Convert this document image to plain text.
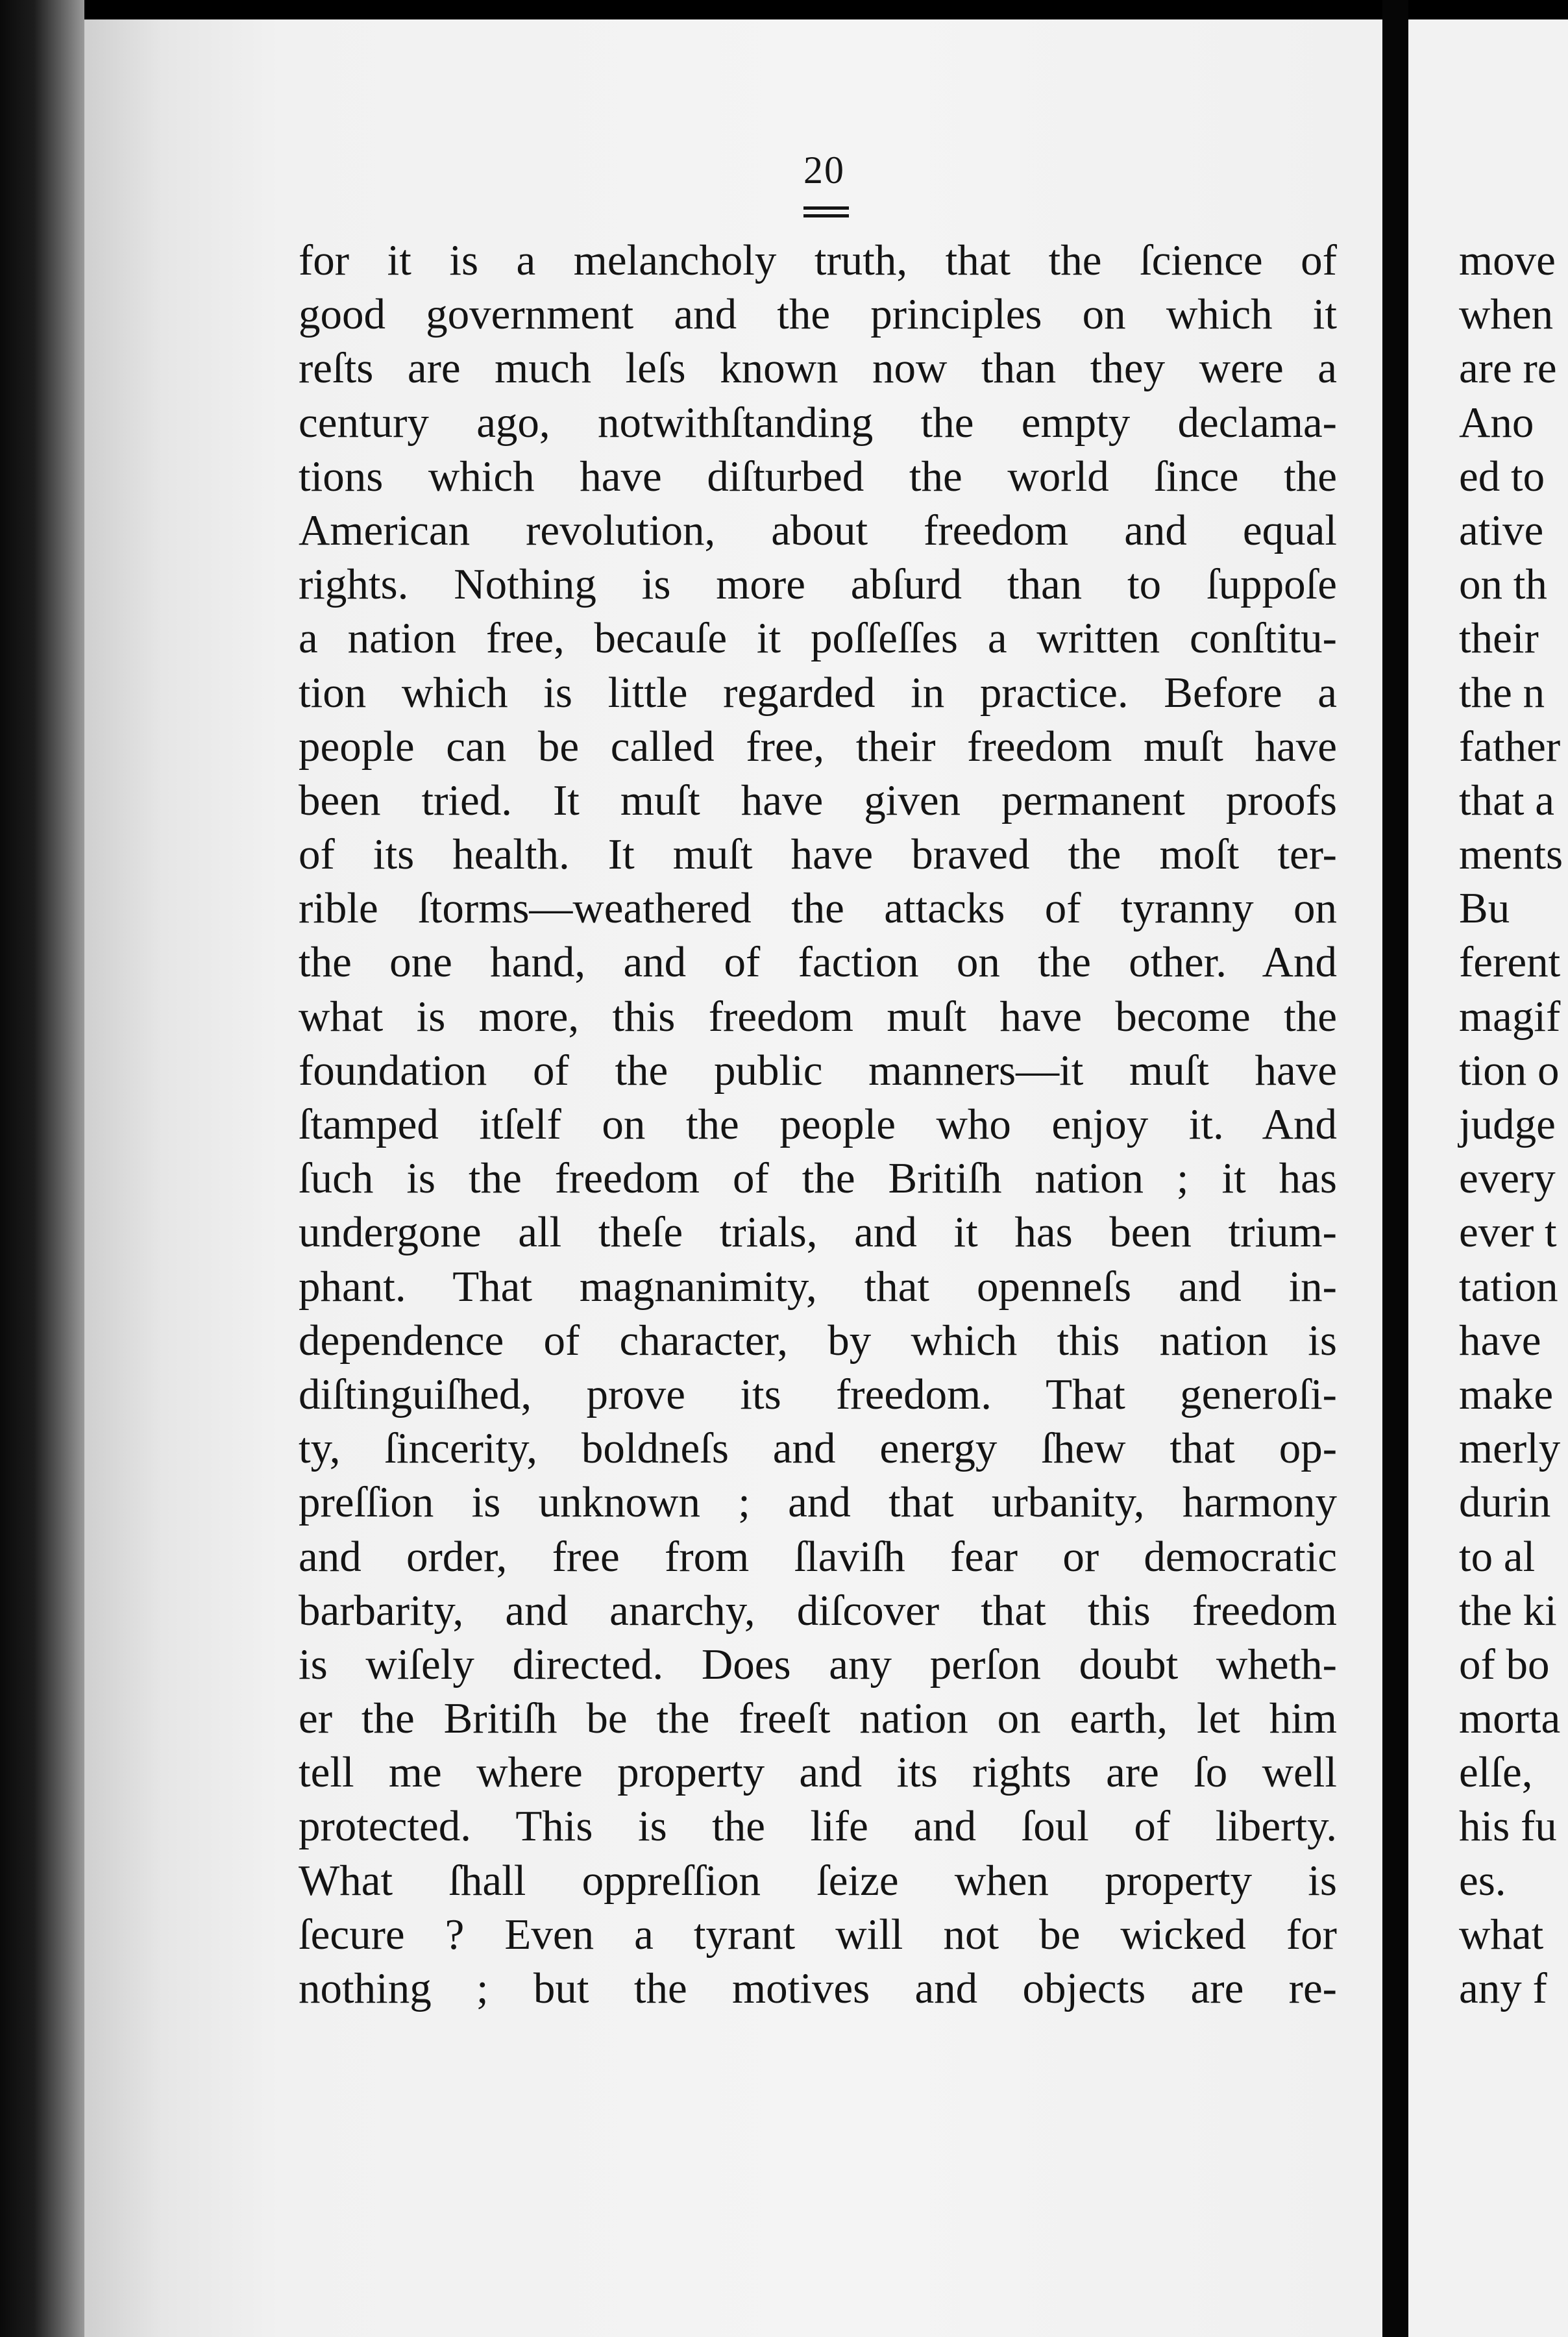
20
for it is a melancholy truth, that the ſcience of
good government and the principles on which it
reſts are much leſs known now than they were a
century ago, notwithſtanding the empty declama-
tions which have diſturbed the world ſince the
American revolution, about freedom and equal
rights. Nothing is more abſurd than to ſuppoſe
a nation free, becauſe it poſſeſſes a written conſtitu-
tion which is little regarded in practice. Before a
people can be called free, their freedom muſt have
been tried. It muſt have given permanent proofs
of its health. It muſt have braved the moſt ter-
rible ſtorms—weathered the attacks of tyranny on
the one hand, and of faction on the other. And
what is more, this freedom muſt have become the
foundation of the public manners—it muſt have
ſtamped itſelf on the people who enjoy it. And
ſuch is the freedom of the Britiſh nation ; it has
undergone all theſe trials, and it has been trium-
phant. That magnanimity, that openneſs and in-
dependence of character, by which this nation is
diſtinguiſhed, prove its freedom. That generoſi-
ty, ſincerity, boldneſs and energy ſhew that op-
preſſion is unknown ; and that urbanity, harmony
and order, free from ſlaviſh fear or democratic
barbarity, and anarchy, diſcover that this freedom
is wiſely directed. Does any perſon doubt wheth-
er the Britiſh be the freeſt nation on earth, let him
tell me where property and its rights are ſo well
protected. This is the life and ſoul of liberty.
What ſhall oppreſſion ſeize when property is
ſecure ? Even a tyrant will not be wicked for
nothing ; but the motives and objects are re-
move
when
are re
Ano
ed to
ative
on th
their
the n
father
that a
ments
Bu
ferent
magif
tion o
judge
every
ever t
tation
have
make
merly
durin
to al
the ki
of bo
morta
elſe,
his fu
es.
what
any f
